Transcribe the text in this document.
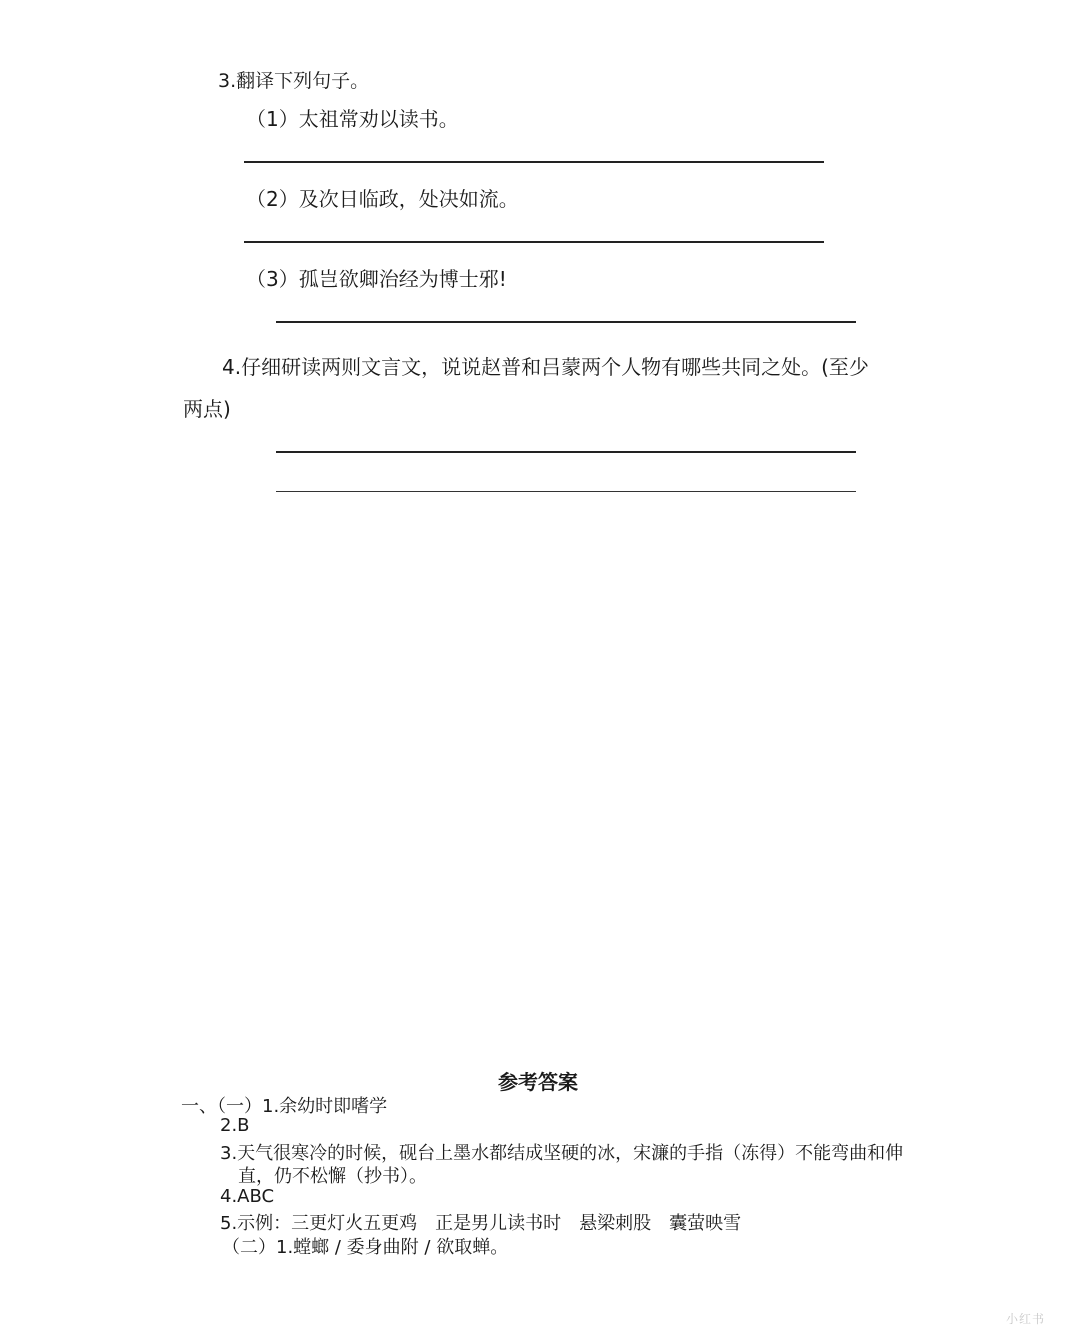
3.翻译下列句子。
（1）太祖常劝以读书。
（2）及次日临政，处决如流。
（3）孤岂欲卿治经为博士邪!
4.仔细研读两则文言文，说说赵普和吕蒙两个人物有哪些共同之处。(至少
两点)
参考答案
一、（一）1.余幼时即嗜学
2.B
3.天气很寒冷的时候，砚台上墨水都结成坚硬的冰，宋濂的手指（冻得）不能弯曲和伸
直，仍不松懈（抄书）。
4.ABC
5.示例：三更灯火五更鸡　正是男儿读书时　悬梁刺股　囊萤映雪
（二）1.螳螂 / 委身曲附 / 欲取蝉。
小红书
